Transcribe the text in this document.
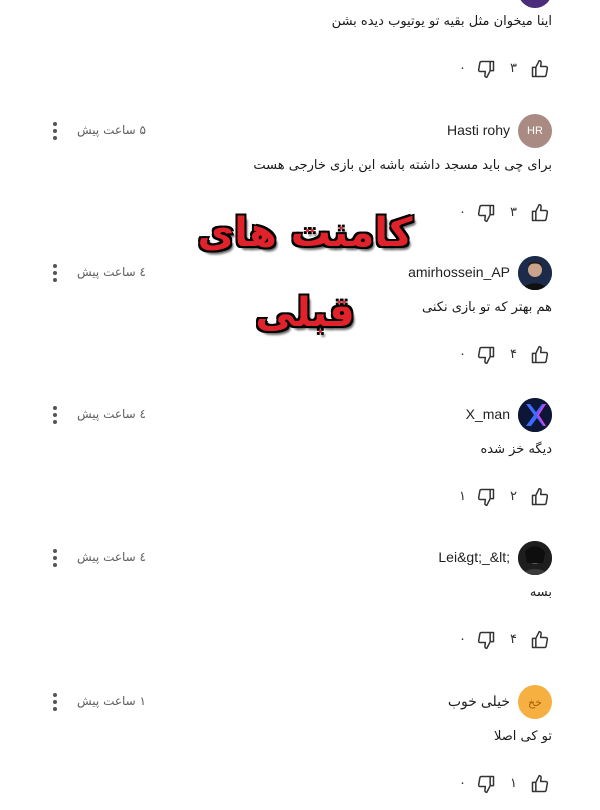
اینا میخوان مثل بقیه تو یوتیوب دیده بشن
۳
۰
HR
Hasti rohy
۵ ساعت پیش
برای چی باید مسجد داشته باشه این بازی خارجی هست
۳
۰
amirhossein_AP
٤ ساعت پیش
هم بهتر که تو بازی نکنی
۴
۰
X_man
٤ ساعت پیش
دیگه خز شده
۲
۱
Lei&gt;_&lt;
٤ ساعت پیش
بسه
۴
۰
خخ
خیلی خوب
١ ساعت پیش
تو کی اصلا
۱
۰
کامنت های
قبلی
